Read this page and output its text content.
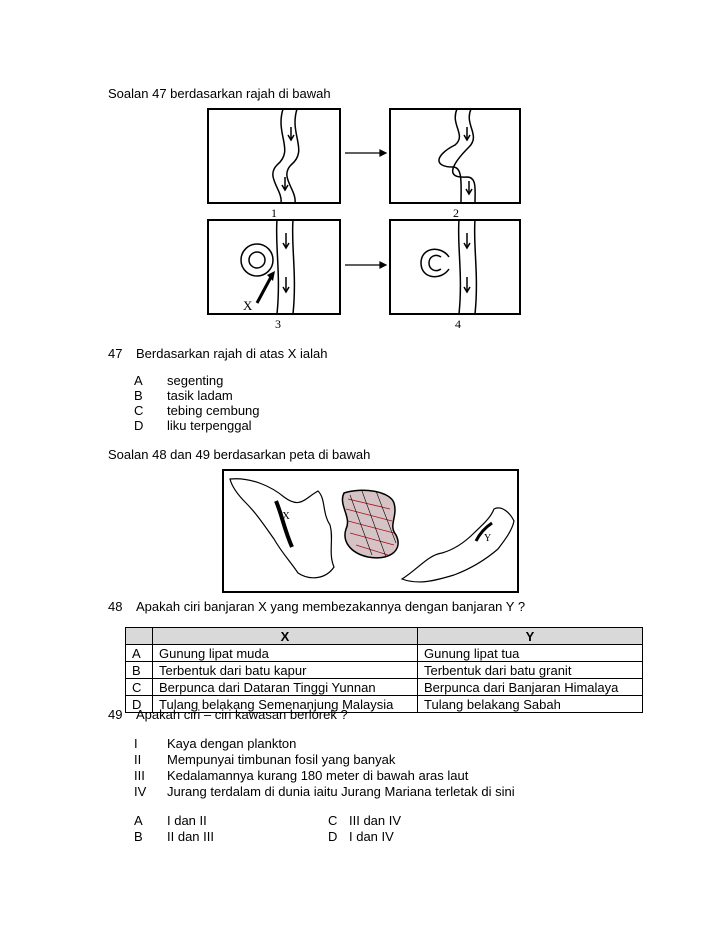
Soalan 47 berdasarkan rajah di bawah
X
1	2
3	4
47 Berdasarkan rajah di atas X ialah
A segenting
B tasik ladam
C tebing cembung
D liku terpenggal
Soalan 48 dan 49 berdasarkan peta di bawah
X
Y
48 Apakah ciri banjaran X yang membezakannya dengan banjaran Y ?
	X	Y
A	Gunung lipat muda	Gunung lipat tua
B	Terbentuk dari batu kapur	Terbentuk dari batu granit
C	Berpunca dari Dataran Tinggi Yunnan	Berpunca dari Banjaran Himalaya
D	Tulang belakang Semenanjung Malaysia	Tulang belakang Sabah
49 Apakah ciri – ciri kawasan berlorek ?
I Kaya dengan plankton
II Mempunyai timbunan fosil yang banyak
III Kedalamannya kurang 180 meter di bawah aras laut
IV Jurang terdalam di dunia iaitu Jurang Mariana terletak di sini
A I dan II
B II dan III
C III dan IV
D I dan IV
